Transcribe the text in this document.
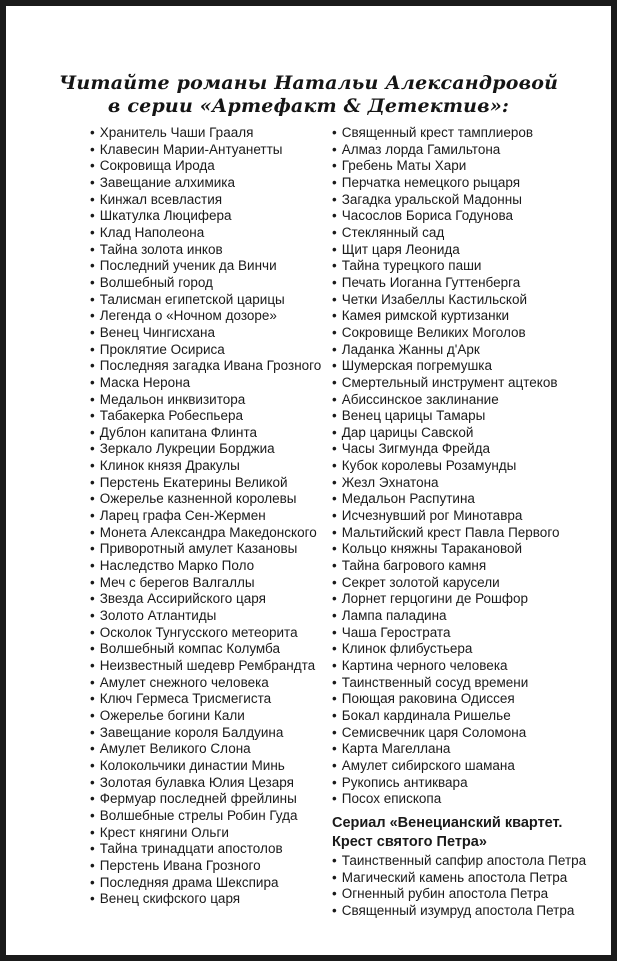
Читайте романы Натальи Александровой
в серии «Артефакт & Детектив»:
• Хранитель Чаши Грааля
• Клавесин Марии-Антуанетты
• Сокровища Ирода
• Завещание алхимика
• Кинжал всевластия
• Шкатулка Люцифера
• Клад Наполеона
• Тайна золота инков
• Последний ученик да Винчи
• Волшебный город
• Талисман египетской царицы
• Легенда о «Ночном дозоре»
• Венец Чингисхана
• Проклятие Осириса
• Последняя загадка Ивана Грозного
• Маска Нерона
• Медальон инквизитора
• Табакерка Робеспьера
• Дублон капитана Флинта
• Зеркало Лукреции Борджиа
• Клинок князя Дракулы
• Перстень Екатерины Великой
• Ожерелье казненной королевы
• Ларец графа Сен-Жермен
• Монета Александра Македонского
• Приворотный амулет Казановы
• Наследство Марко Поло
• Меч с берегов Валгаллы
• Звезда Ассирийского царя
• Золото Атлантиды
• Осколок Тунгусского метеорита
• Волшебный компас Колумба
• Неизвестный шедевр Рембрандта
• Амулет снежного человека
• Ключ Гермеса Трисмегиста
• Ожерелье богини Кали
• Завещание короля Балдуина
• Амулет Великого Слона
• Колокольчики династии Минь
• Золотая булавка Юлия Цезаря
• Фермуар последней фрейлины
• Волшебные стрелы Робин Гуда
• Крест княгини Ольги
• Тайна тринадцати апостолов
• Перстень Ивана Грозного
• Последняя драма Шекспира
• Венец скифского царя
• Священный крест тамплиеров
• Алмаз лорда Гамильтона
• Гребень Маты Хари
• Перчатка немецкого рыцаря
• Загадка уральской Мадонны
• Часослов Бориса Годунова
• Стеклянный сад
• Щит царя Леонида
• Тайна турецкого паши
• Печать Иоганна Гуттенберга
• Четки Изабеллы Кастильской
• Камея римской куртизанки
• Сокровище Великих Моголов
• Ладанка Жанны д'Арк
• Шумерская погремушка
• Смертельный инструмент ацтеков
• Абиссинское заклинание
• Венец царицы Тамары
• Дар царицы Савской
• Часы Зигмунда Фрейда
• Кубок королевы Розамунды
• Жезл Эхнатона
• Медальон Распутина
• Исчезнувший рог Минотавра
• Мальтийский крест Павла Первого
• Кольцо княжны Таракановой
• Тайна багрового камня
• Секрет золотой карусели
• Лорнет герцогини де Рошфор
• Лампа паладина
• Чаша Герострата
• Клинок флибустьера
• Картина черного человека
• Таинственный сосуд времени
• Поющая раковина Одиссея
• Бокал кардинала Ришелье
• Семисвечник царя Соломона
• Карта Магеллана
• Амулет сибирского шамана
• Рукопись антиквара
• Посох епископа
Сериал «Венецианский квартет.
Крест святого Петра»
• Таинственный сапфир апостола Петра
• Магический камень апостола Петра
• Огненный рубин апостола Петра
• Священный изумруд апостола Петра
